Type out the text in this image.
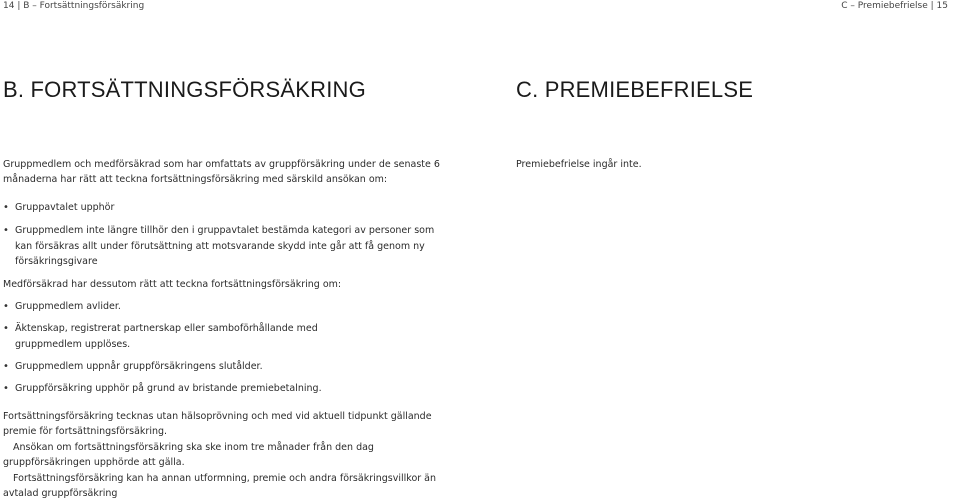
14 | B – Fortsättningsförsäkring	C – Premiebefrielse | 15
B. FORTSÄTTNINGSFÖRSÄKRING	C. PREMIEBEFRIELSE

Gruppmedlem och medförsäkrad som har omfattats av gruppförsäkring under de senaste 6 månaderna har rätt att teckna fortsättningsförsäkring med särskild ansökan om:

• Gruppavtalet upphör
• Gruppmedlem inte längre tillhör den i gruppavtalet bestämda kategori av personer som kan försäkras allt under förutsättning att motsvarande skydd inte går att få genom ny försäkringsgivare

Medförsäkrad har dessutom rätt att teckna fortsättningsförsäkring om:

• Gruppmedlem avlider.
• Äktenskap, registrerat partnerskap eller samboförhållande med gruppmedlem upplöses.
• Gruppmedlem uppnår gruppförsäkringens slutålder.
• Gruppförsäkring upphör på grund av bristande premiebetalning.

Fortsättningsförsäkring tecknas utan hälsoprövning och med vid aktuell tidpunkt gällande premie för fortsättningsförsäkring.

Ansökan om fortsättningsförsäkring ska ske inom tre månader från den dag gruppförsäkringen upphörde att gälla.

Fortsättningsförsäkring kan ha annan utformning, premie och andra försäkringsvillkor än avtalad gruppförsäkring

Premiebefrielse ingår inte.
